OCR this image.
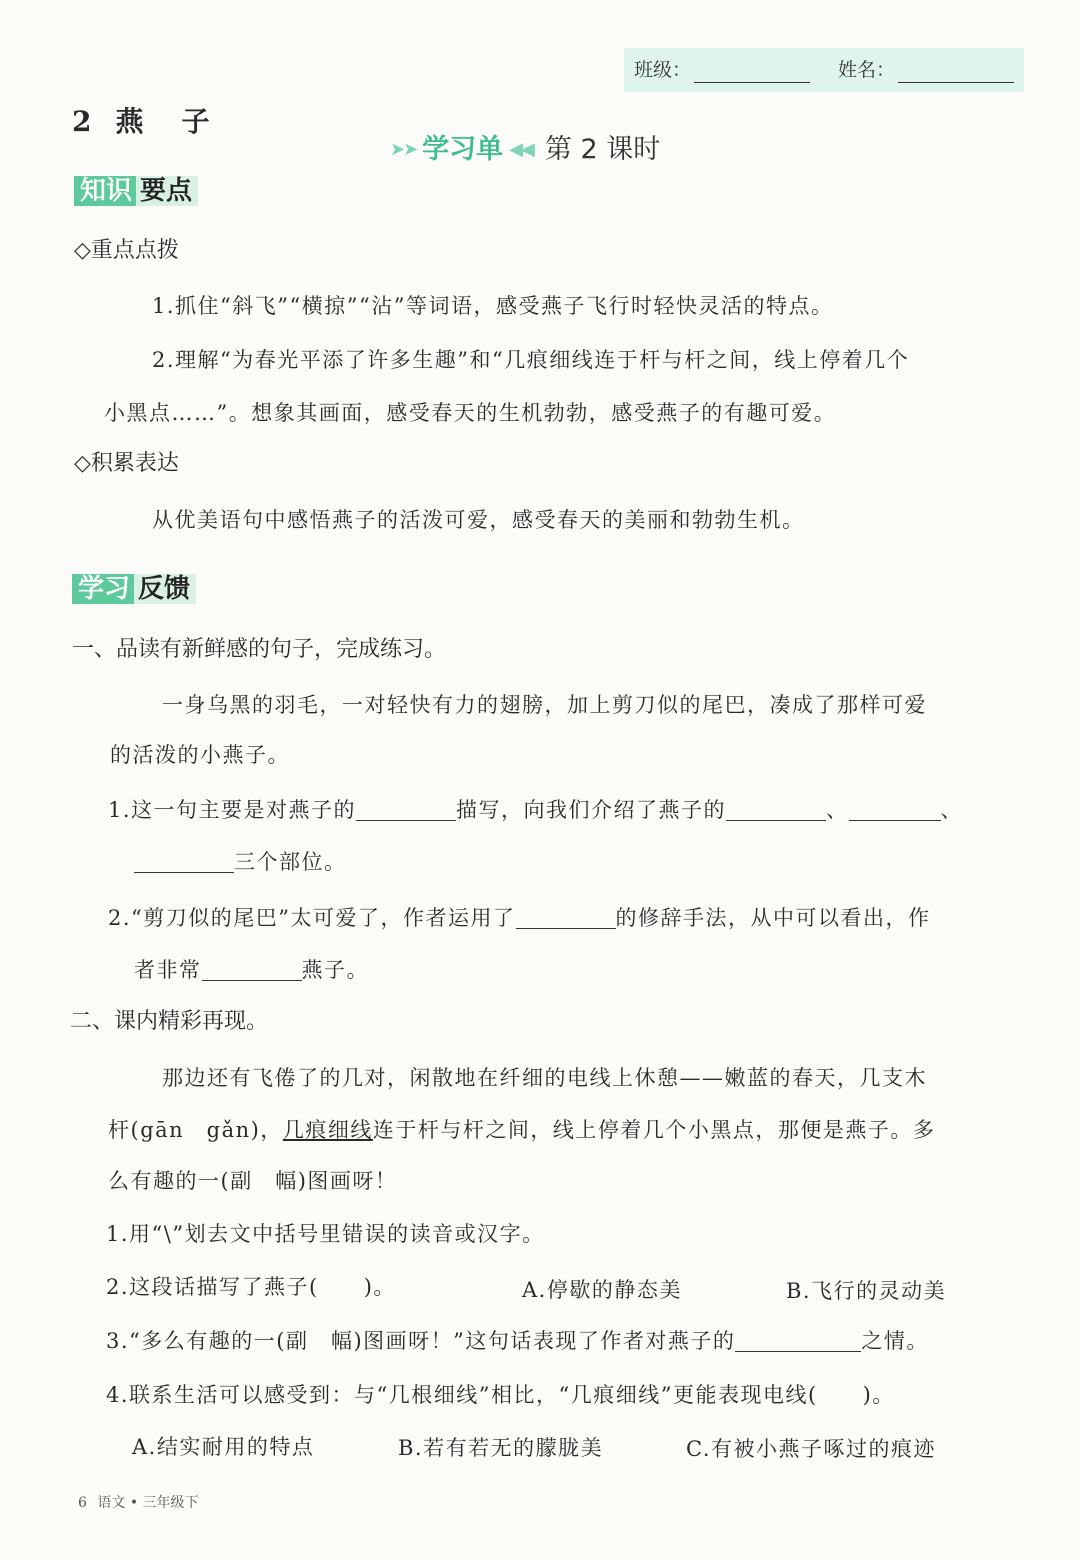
班级：	姓名：
2 燕子
➤➤ 学习单 ◀◀ 第 2 课时
知识 要点
◇重点点拨
1.抓住“斜飞”“横掠”“沾”等词语，感受燕子飞行时轻快灵活的特点。
2.理解“为春光平添了许多生趣”和“几痕细线连于杆与杆之间，线上停着几个
小黑点……”。想象其画面，感受春天的生机勃勃，感受燕子的有趣可爱。
◇积累表达
从优美语句中感悟燕子的活泼可爱，感受春天的美丽和勃勃生机。
学习 反馈
一、品读有新鲜感的句子，完成练习。
一身乌黑的羽毛，一对轻快有力的翅膀，加上剪刀似的尾巴，凑成了那样可爱
的活泼的小燕子。
1.这一句主要是对燕子的	描写，向我们介绍了燕子的	、	、
三个部位。
2.“剪刀似的尾巴”太可爱了，作者运用了	的修辞手法，从中可以看出，作
者非常	燕子。
二、课内精彩再现。
那边还有飞倦了的几对，闲散地在纤细的电线上休憩——嫩蓝的春天，几支木
杆(gān　gǎn)，几痕细线连于杆与杆之间，线上停着几个小黑点，那便是燕子。多
么有趣的一(副　幅)图画呀！
1.用“\”划去文中括号里错误的读音或汉字。
2.这段话描写了燕子(　　)。	A.停歇的静态美	B.飞行的灵动美
3.“多么有趣的一(副　幅)图画呀！”这句话表现了作者对燕子的	之情。
4.联系生活可以感受到：与“几根细线”相比，“几痕细线”更能表现电线(　　)。
A.结实耐用的特点	B.若有若无的朦胧美	C.有被小燕子啄过的痕迹
6 语文 • 三年级下
